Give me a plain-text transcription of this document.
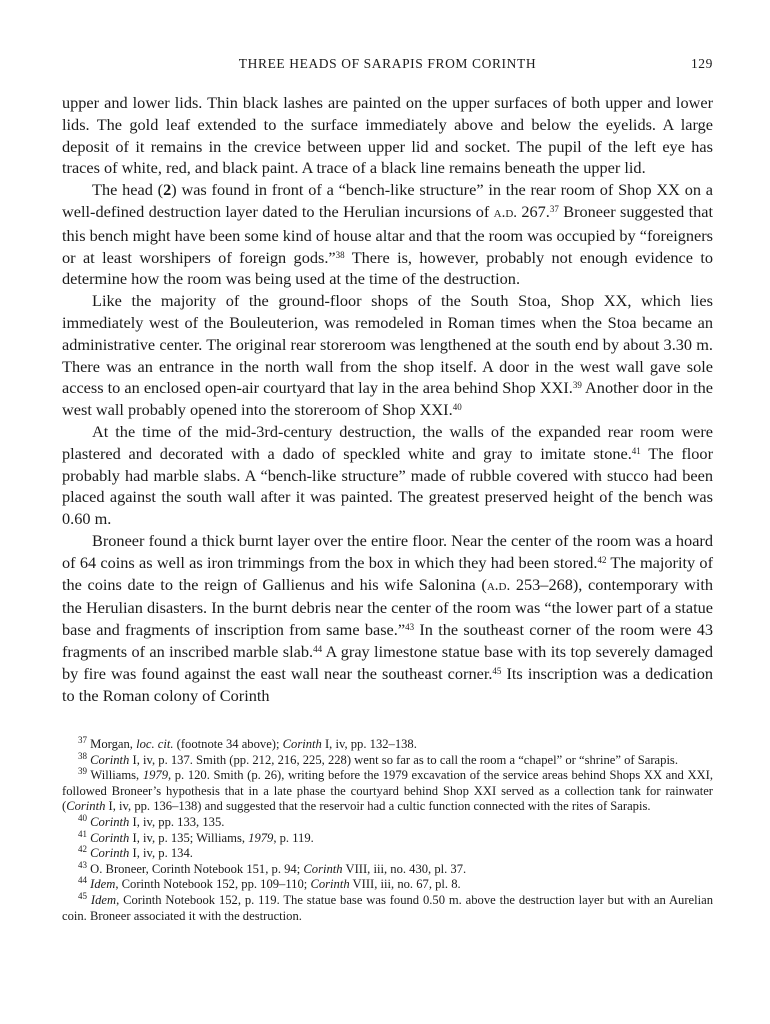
THREE HEADS OF SARAPIS FROM CORINTH	129

upper and lower lids. Thin black lashes are painted on the upper surfaces of both upper and lower lids. The gold leaf extended to the surface immediately above and below the eyelids. A large deposit of it remains in the crevice between upper lid and socket. The pupil of the left eye has traces of white, red, and black paint. A trace of a black line remains beneath the upper lid.

The head (2) was found in front of a “bench-like structure” in the rear room of Shop XX on a well-defined destruction layer dated to the Herulian incursions of a.d. 267.37 Broneer suggested that this bench might have been some kind of house altar and that the room was occupied by “foreigners or at least worshipers of foreign gods.”$^{38}$ There is, however, probably not enough evidence to determine how the room was being used at the time of the destruction.

Like the majority of the ground-floor shops of the South Stoa, Shop XX, which lies immediately west of the Bouleuterion, was remodeled in Roman times when the Stoa became an administrative center. The original rear storeroom was lengthened at the south end by about 3.30 m. There was an entrance in the north wall from the shop itself. A door in the west wall gave sole access to an enclosed open-air courtyard that lay in the area behind Shop XXI.$^{39}$ Another door in the west wall probably opened into the storeroom of Shop XXI.$^{40}$

At the time of the mid-3rd-century destruction, the walls of the expanded rear room were plastered and decorated with a dado of speckled white and gray to imitate stone.$^{41}$ The floor probably had marble slabs. A “bench-like structure” made of rubble covered with stucco had been placed against the south wall after it was painted. The greatest preserved height of the bench was 0.60 m.

Broneer found a thick burnt layer over the entire floor. Near the center of the room was a hoard of 64 coins as well as iron trimmings from the box in which they had been stored.$^{42}$ The majority of the coins date to the reign of Gallienus and his wife Salonina (a.d. 253–268), contemporary with the Herulian disasters. In the burnt debris near the center of the room was “the lower part of a statue base and fragments of inscription from same base.”$^{43}$ In the southeast corner of the room were 43 fragments of an inscribed marble slab.$^{44}$ A gray limestone statue base with its top severely damaged by fire was found against the east wall near the southeast corner.$^{45}$ Its inscription was a dedication to the Roman colony of Corinth

$^{37}$ Morgan, loc. cit. (footnote 34 above); Corinth I, iv, pp. 132–138.

$^{38}$ Corinth I, iv, p. 137. Smith (pp. 212, 216, 225, 228) went so far as to call the room a “chapel” or “shrine” of Sarapis.

$^{39}$ Williams, 1979, p. 120. Smith (p. 26), writing before the 1979 excavation of the service areas behind Shops XX and XXI, followed Broneer’s hypothesis that in a late phase the courtyard behind Shop XXI served as a collection tank for rainwater (Corinth I, iv, pp. 136–138) and suggested that the reservoir had a cultic function connected with the rites of Sarapis.

$^{40}$ Corinth I, iv, pp. 133, 135.

$^{41}$ Corinth I, iv, p. 135; Williams, 1979, p. 119.

$^{42}$ Corinth I, iv, p. 134.

$^{43}$ O. Broneer, Corinth Notebook 151, p. 94; Corinth VIII, iii, no. 430, pl. 37.

$^{44}$ Idem, Corinth Notebook 152, pp. 109–110; Corinth VIII, iii, no. 67, pl. 8.

$^{45}$ Idem, Corinth Notebook 152, p. 119. The statue base was found 0.50 m. above the destruction layer but with an Aurelian coin. Broneer associated it with the destruction.
